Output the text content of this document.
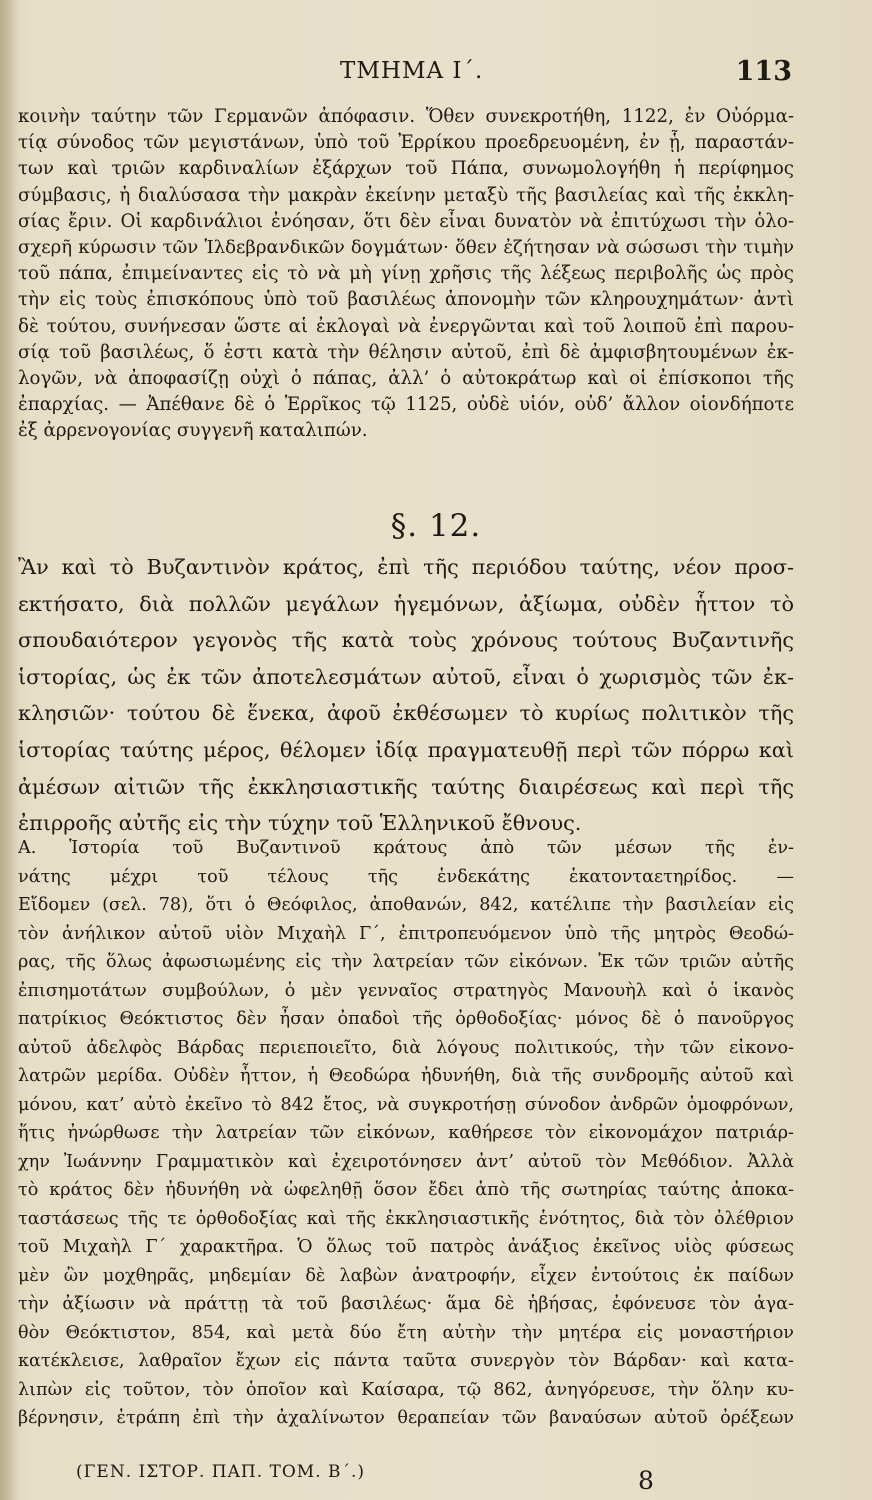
ΤΜΗΜΑ Ι΄.	113
κοινὴν ταύτην τῶν Γερμανῶν ἀπόφασιν. Ὅθεν συνεκροτήθη, 1122, ἐν Οὐόρμα-
τίᾳ σύνοδος τῶν μεγιστάνων, ὑπὸ τοῦ Ἐρρίκου προεδρευομένη, ἐν ᾗ, παραστάν-
των καὶ τριῶν καρδιναλίων ἐξάρχων τοῦ Πάπα, συνωμολογήθη ἡ περίφημος
σύμβασις, ἡ διαλύσασα τὴν μακρὰν ἐκείνην μεταξὺ τῆς βασιλείας καὶ τῆς ἐκκλη-
σίας ἔριν. Οἱ καρδινάλιοι ἐνόησαν, ὅτι δὲν εἶναι δυνατὸν νὰ ἐπιτύχωσι τὴν ὁλο-
σχερῆ κύρωσιν τῶν Ἱλδεβρανδικῶν δογμάτων· ὅθεν ἐζήτησαν νὰ σώσωσι τὴν τιμὴν
τοῦ πάπα, ἐπιμείναντες εἰς τὸ νὰ μὴ γίνῃ χρῆσις τῆς λέξεως περιβολῆς ὡς πρὸς
τὴν εἰς τοὺς ἐπισκόπους ὑπὸ τοῦ βασιλέως ἀπονομὴν τῶν κληρουχημάτων· ἀντὶ
δὲ τούτου, συνήνεσαν ὥστε αἱ ἐκλογαὶ νὰ ἐνεργῶνται καὶ τοῦ λοιποῦ ἐπὶ παρου-
σίᾳ τοῦ βασιλέως, ὅ ἐστι κατὰ τὴν θέλησιν αὐτοῦ, ἐπὶ δὲ ἀμφισβητουμένων ἐκ-
λογῶν, νὰ ἀποφασίζῃ οὐχὶ ὁ πάπας, ἀλλ’ ὁ αὐτοκράτωρ καὶ οἱ ἐπίσκοποι τῆς
ἐπαρχίας. — Ἀπέθανε δὲ ὁ Ἐρρῖκος τῷ 1125, οὐδὲ υἱόν, οὐδ’ ἄλλον οἱονδήποτε
ἐξ ἀρρενογονίας συγγενῆ καταλιπών.
§. 12.
Ἂν καὶ τὸ Βυζαντινὸν κράτος, ἐπὶ τῆς περιόδου ταύτης, νέον προσ-
εκτήσατο, διὰ πολλῶν μεγάλων ἡγεμόνων, ἀξίωμα, οὐδὲν ἧττον τὸ
σπουδαιότερον γεγονὸς τῆς κατὰ τοὺς χρόνους τούτους Βυζαντινῆς
ἱστορίας, ὡς ἐκ τῶν ἀποτελεσμάτων αὐτοῦ, εἶναι ὁ χωρισμὸς τῶν ἐκ-
κλησιῶν· τούτου δὲ ἕνεκα, ἀφοῦ ἐκθέσωμεν τὸ κυρίως πολιτικὸν τῆς
ἱστορίας ταύτης μέρος, θέλομεν ἰδίᾳ πραγματευθῇ περὶ τῶν πόρρω καὶ
ἀμέσων αἰτιῶν τῆς ἐκκλησιαστικῆς ταύτης διαιρέσεως καὶ περὶ τῆς
ἐπιρροῆς αὐτῆς εἰς τὴν τύχην τοῦ Ἑλληνικοῦ ἔθνους.
Α. Ἱστορία τοῦ Βυζαντινοῦ κράτους ἀπὸ τῶν μέσων τῆς ἐν-
νάτης μέχρι τοῦ τέλους τῆς ἑνδεκάτης ἑκατονταετηρίδος. —
Εἴδομεν (σελ. 78), ὅτι ὁ Θεόφιλος, ἀποθανών, 842, κατέλιπε τὴν βασιλείαν εἰς
τὸν ἀνήλικον αὐτοῦ υἱὸν Μιχαὴλ Γ΄, ἐπιτροπευόμενον ὑπὸ τῆς μητρὸς Θεοδώ-
ρας, τῆς ὅλως ἀφωσιωμένης εἰς τὴν λατρείαν τῶν εἰκόνων. Ἐκ τῶν τριῶν αὐτῆς
ἐπισημοτάτων συμβούλων, ὁ μὲν γενναῖος στρατηγὸς Μανουὴλ καὶ ὁ ἱκανὸς
πατρίκιος Θεόκτιστος δὲν ἦσαν ὀπαδοὶ τῆς ὀρθοδοξίας· μόνος δὲ ὁ πανοῦργος
αὐτοῦ ἀδελφὸς Βάρδας περιεποιεῖτο, διὰ λόγους πολιτικούς, τὴν τῶν εἰκονο-
λατρῶν μερίδα. Οὐδὲν ἧττον, ἡ Θεοδώρα ἠδυνήθη, διὰ τῆς συνδρομῆς αὐτοῦ καὶ
μόνου, κατ’ αὐτὸ ἐκεῖνο τὸ 842 ἔτος, νὰ συγκροτήσῃ σύνοδον ἀνδρῶν ὁμοφρόνων,
ἥτις ἠνώρθωσε τὴν λατρείαν τῶν εἰκόνων, καθήρεσε τὸν εἰκονομάχον πατριάρ-
χην Ἰωάννην Γραμματικὸν καὶ ἐχειροτόνησεν ἀντ’ αὐτοῦ τὸν Μεθόδιον. Ἀλλὰ
τὸ κράτος δὲν ἠδυνήθη νὰ ὠφεληθῇ ὅσον ἔδει ἀπὸ τῆς σωτηρίας ταύτης ἀποκα-
ταστάσεως τῆς τε ὀρθοδοξίας καὶ τῆς ἐκκλησιαστικῆς ἑνότητος, διὰ τὸν ὀλέθριον
τοῦ Μιχαὴλ Γ΄ χαρακτῆρα. Ὁ ὅλως τοῦ πατρὸς ἀνάξιος ἐκεῖνος υἱὸς φύσεως
μὲν ὢν μοχθηρᾶς, μηδεμίαν δὲ λαβὼν ἀνατροφήν, εἶχεν ἐντούτοις ἐκ παίδων
τὴν ἀξίωσιν νὰ πράττῃ τὰ τοῦ βασιλέως· ἅμα δὲ ἡβήσας, ἐφόνευσε τὸν ἀγα-
θὸν Θεόκτιστον, 854, καὶ μετὰ δύο ἔτη αὐτὴν τὴν μητέρα εἰς μοναστήριον
κατέκλεισε, λαθραῖον ἔχων εἰς πάντα ταῦτα συνεργὸν τὸν Βάρδαν· καὶ κατα-
λιπὼν εἰς τοῦτον, τὸν ὁποῖον καὶ Καίσαρα, τῷ 862, ἀνηγόρευσε, τὴν ὅλην κυ-
βέρνησιν, ἐτράπη ἐπὶ τὴν ἀχαλίνωτον θεραπείαν τῶν βαναύσων αὐτοῦ ὀρέξεων
(ΓΕΝ. ΙΣΤΟΡ. ΠΑΠ. ΤΟΜ. Β΄.)	8
